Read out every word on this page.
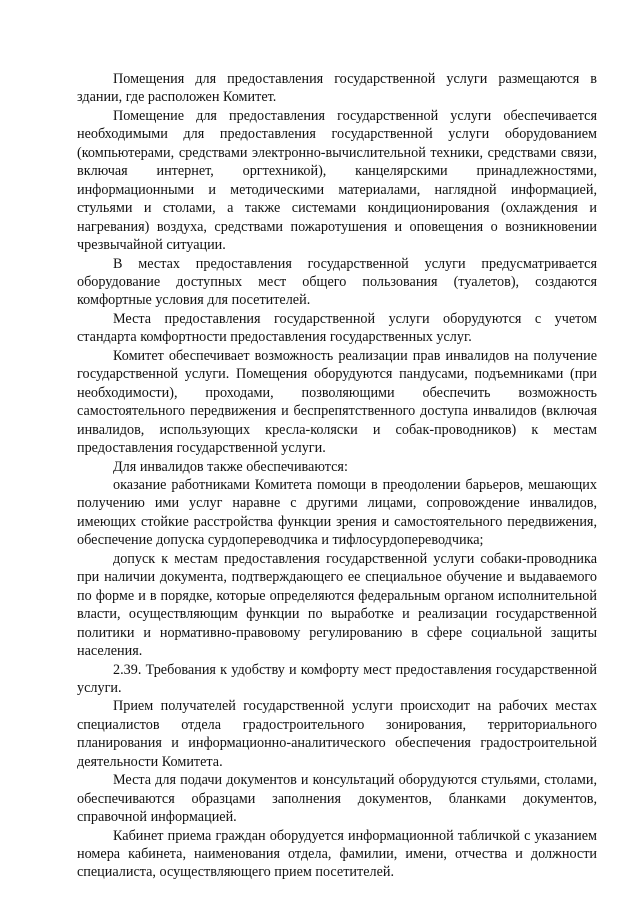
Помещения для предоставления государственной услуги размещаются в здании, где расположен Комитет.

Помещение для предоставления государственной услуги обеспечивается необходимыми для предоставления государственной услуги оборудованием (компьютерами, средствами электронно-вычислительной техники, средствами связи, включая интернет, оргтехникой), канцелярскими принадлежностями, информационными и методическими материалами, наглядной информацией, стульями и столами, а также системами кондиционирования (охлаждения и нагревания) воздуха, средствами пожаротушения и оповещения о возникновении чрезвычайной ситуации.

В местах предоставления государственной услуги предусматривается оборудование доступных мест общего пользования (туалетов), создаются комфортные условия для посетителей.

Места предоставления государственной услуги оборудуются с учетом стандарта комфортности предоставления государственных услуг.

Комитет обеспечивает возможность реализации прав инвалидов на получение государственной услуги. Помещения оборудуются пандусами, подъемниками (при необходимости), проходами, позволяющими обеспечить возможность самостоятельного передвижения и беспрепятственного доступа инвалидов (включая инвалидов, использующих кресла-коляски и собак-проводников) к местам предоставления государственной услуги.

Для инвалидов также обеспечиваются:

оказание работниками Комитета помощи в преодолении барьеров, мешающих получению ими услуг наравне с другими лицами, сопровождение инвалидов, имеющих стойкие расстройства функции зрения и самостоятельного передвижения, обеспечение допуска сурдопереводчика и тифлосурдопереводчика;

допуск к местам предоставления государственной услуги собаки-проводника при наличии документа, подтверждающего ее специальное обучение и выдаваемого по форме и в порядке, которые определяются федеральным органом исполнительной власти, осуществляющим функции по выработке и реализации государственной политики и нормативно-правовому регулированию в сфере социальной защиты населения.

2.39. Требования к удобству и комфорту мест предоставления государственной услуги.

Прием получателей государственной услуги происходит на рабочих местах специалистов отдела градостроительного зонирования, территориального планирования и информационно-аналитического обеспечения градостроительной деятельности Комитета.

Места для подачи документов и консультаций оборудуются стульями, столами, обеспечиваются образцами заполнения документов, бланками документов, справочной информацией.

Кабинет приема граждан оборудуется информационной табличкой с указанием номера кабинета, наименования отдела, фамилии, имени, отчества и должности специалиста, осуществляющего прием посетителей.
